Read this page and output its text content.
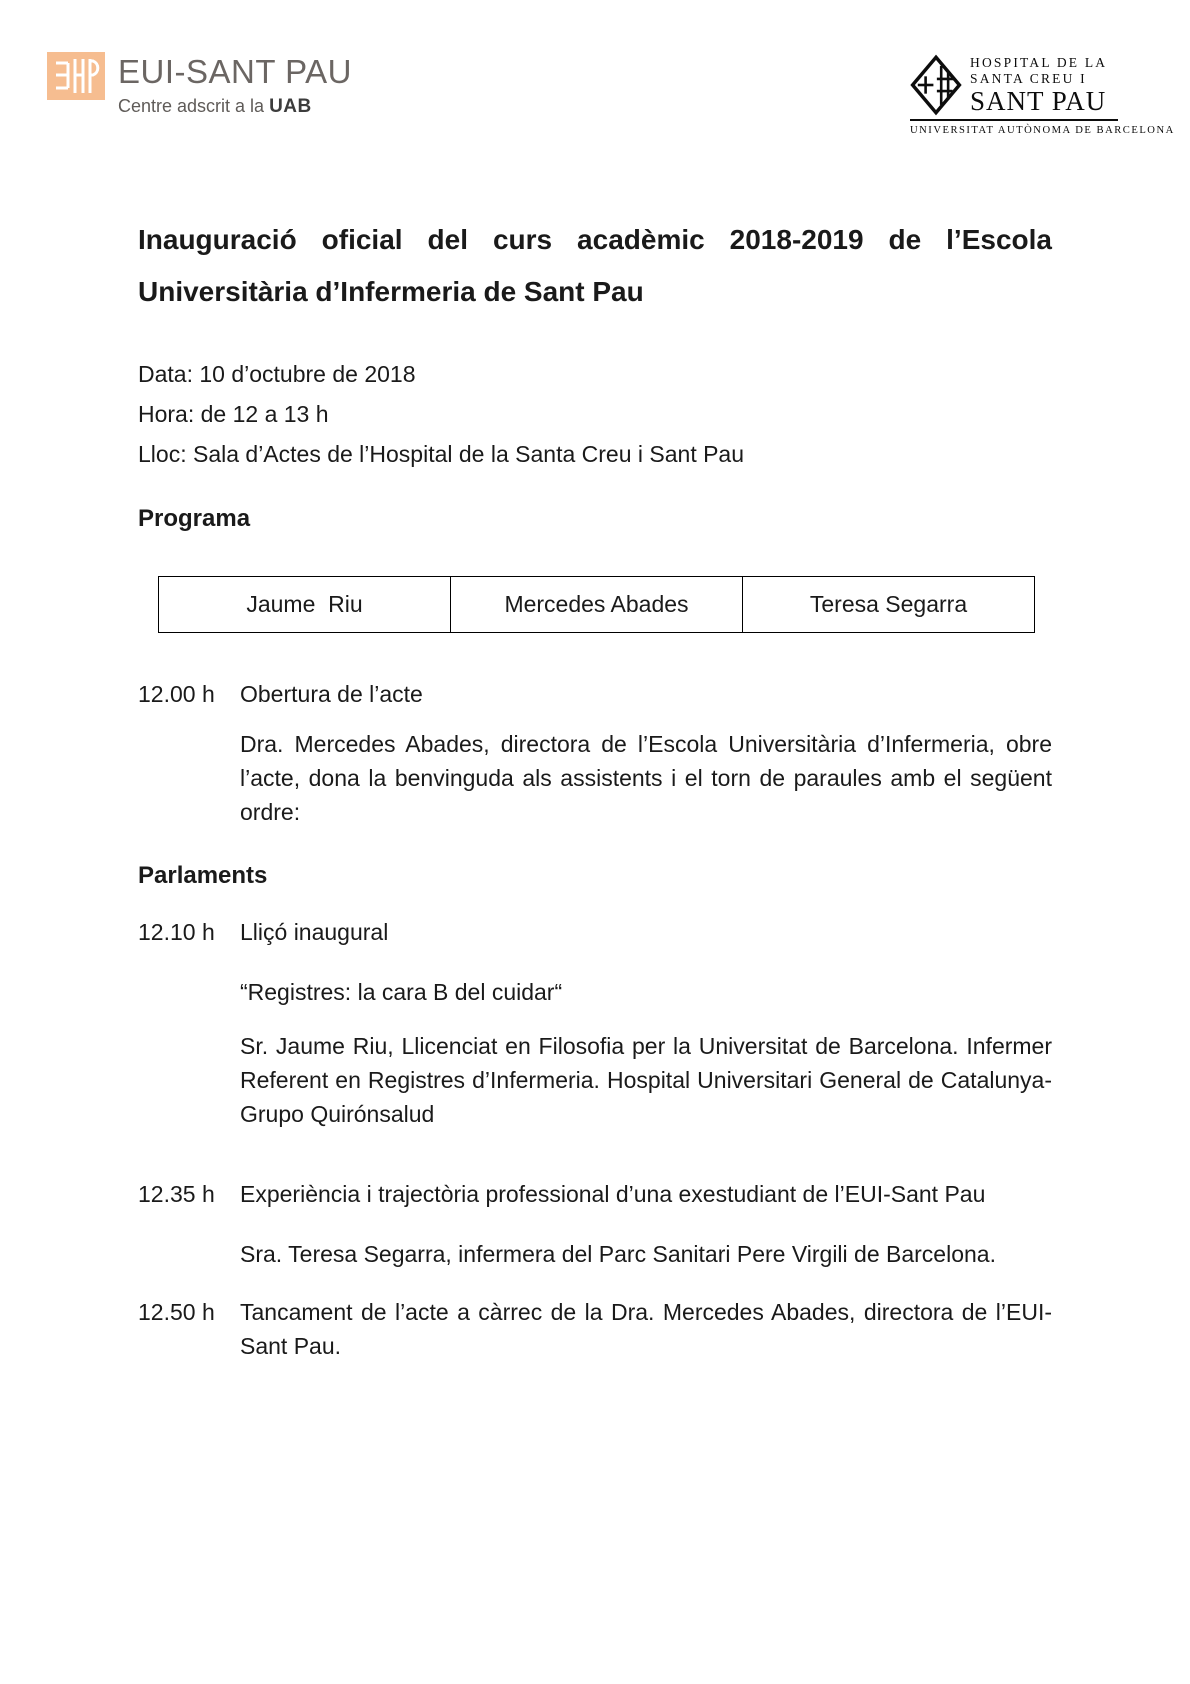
EUI-SANT PAU
Centre adscrit a la UAB
HOSPITAL DE LA
SANTA CREU I
SANT PAU
UNIVERSITAT AUTÒNOMA DE BARCELONA
Inauguració oficial del curs acadèmic 2018-2019 de l’Escola Universitària d’Infermeria de Sant Pau
Data: 10 d’octubre de 2018
Hora: de 12 a 13 h
Lloc: Sala d’Actes de l’Hospital de la Santa Creu i Sant Pau
Programa
Jaume  Riu	Mercedes Abades	Teresa Segarra
12.00 h	Obertura de l’acte
Dra. Mercedes Abades, directora de l’Escola Universitària d’Infermeria, obre l’acte, dona la benvinguda als assistents i el torn de paraules amb el següent ordre:
Parlaments
12.10 h	Lliçó inaugural
“Registres: la cara B del cuidar“
Sr. Jaume Riu, Llicenciat en Filosofia per la Universitat de Barcelona. Infermer Referent en Registres d’Infermeria. Hospital Universitari General de Catalunya-Grupo Quirónsalud
12.35 h	Experiència i trajectòria professional d’una exestudiant de l’EUI-Sant Pau
Sra. Teresa Segarra, infermera del Parc Sanitari Pere Virgili de Barcelona.
12.50 h	Tancament de l’acte a càrrec de la Dra. Mercedes Abades, directora de l’EUI-Sant Pau.
